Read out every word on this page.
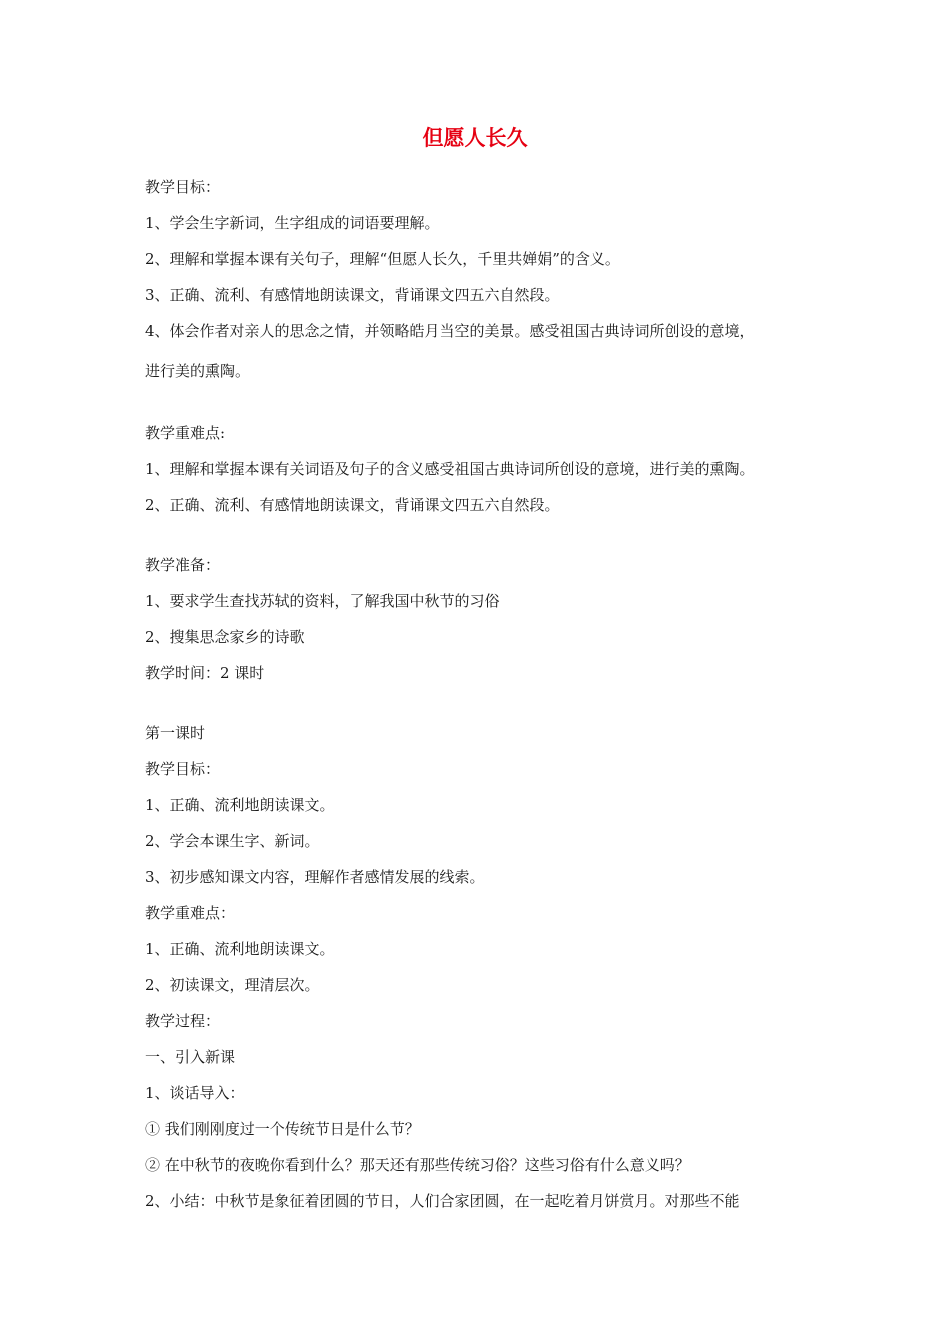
但愿人长久
教学目标：
1、学会生字新词，生字组成的词语要理解。
2、理解和掌握本课有关句子，理解“但愿人长久，千里共婵娟”的含义。
3、正确、流利、有感情地朗读课文，背诵课文四五六自然段。
4、体会作者对亲人的思念之情，并领略皓月当空的美景。感受祖国古典诗词所创设的意境，
进行美的熏陶。
教学重难点:
1、理解和掌握本课有关词语及句子的含义感受祖国古典诗词所创设的意境，进行美的熏陶。
2、正确、流利、有感情地朗读课文，背诵课文四五六自然段。
教学准备：
1、要求学生查找苏轼的资料，了解我国中秋节的习俗
2、搜集思念家乡的诗歌
教学时间：2 课时
第一课时
教学目标：
1、正确、流利地朗读课文。
2、学会本课生字、新词。
3、初步感知课文内容，理解作者感情发展的线索。
教学重难点：
1、正确、流利地朗读课文。
2、初读课文，理清层次。
教学过程：
一、引入新课
1、谈话导入：
① 我们刚刚度过一个传统节日是什么节？
② 在中秋节的夜晚你看到什么？那天还有那些传统习俗？这些习俗有什么意义吗？
2、小结：中秋节是象征着团圆的节日，人们合家团圆，在一起吃着月饼赏月。对那些不能
